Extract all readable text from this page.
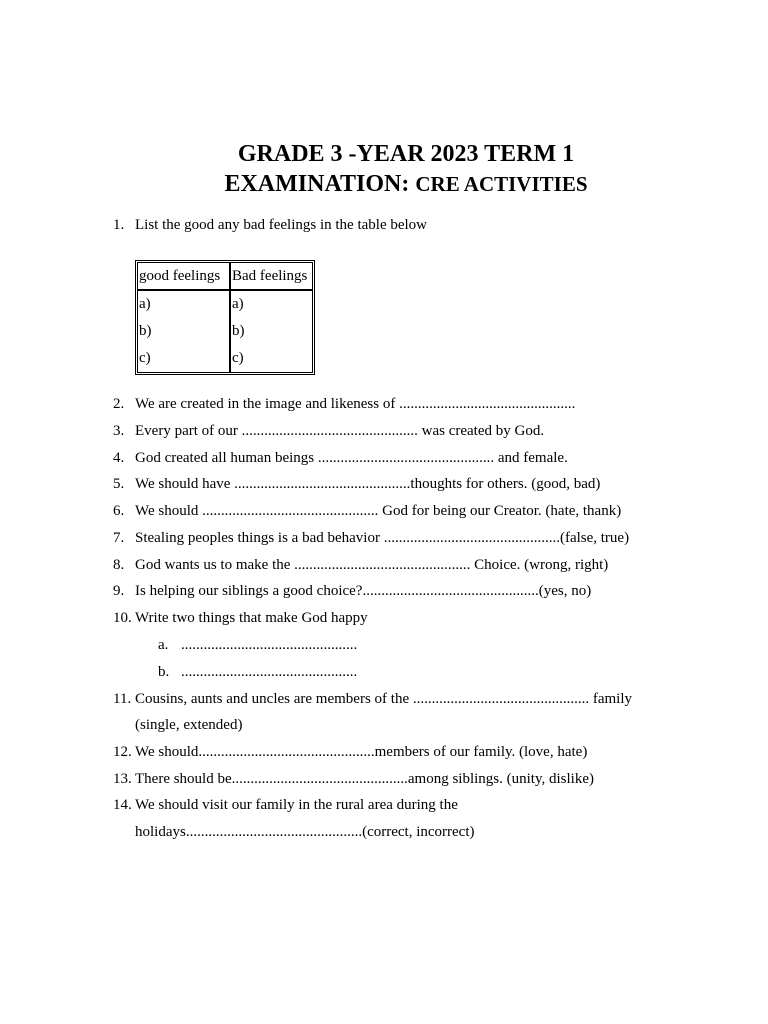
GRADE 3 -YEAR 2023 TERM 1
EXAMINATION: CRE ACTIVITIES
1. List the good any bad feelings in the table below
good feelings	Bad feelings
a)	a)
b)	b)
c)	c)
2. We are created in the image and likeness of ...............................................
3. Every part of our ............................................... was created by God.
4. God created all human beings ............................................... and female.
5. We should have ...............................................thoughts for others. (good, bad)
6. We should ............................................... God for being our Creator. (hate, thank)
7. Stealing peoples things is a bad behavior ...............................................(false, true)
8. God wants us to make the ............................................... Choice. (wrong, right)
9. Is helping our siblings a good choice?...............................................(yes, no)
10. Write two things that make God happy
a. ...............................................
b. ...............................................
11. Cousins, aunts and uncles are members of the ............................................... family
(single, extended)
12. We should...............................................members of our family. (love, hate)
13. There should be...............................................among siblings. (unity, dislike)
14. We should visit our family in the rural area during the
holidays...............................................(correct, incorrect)
